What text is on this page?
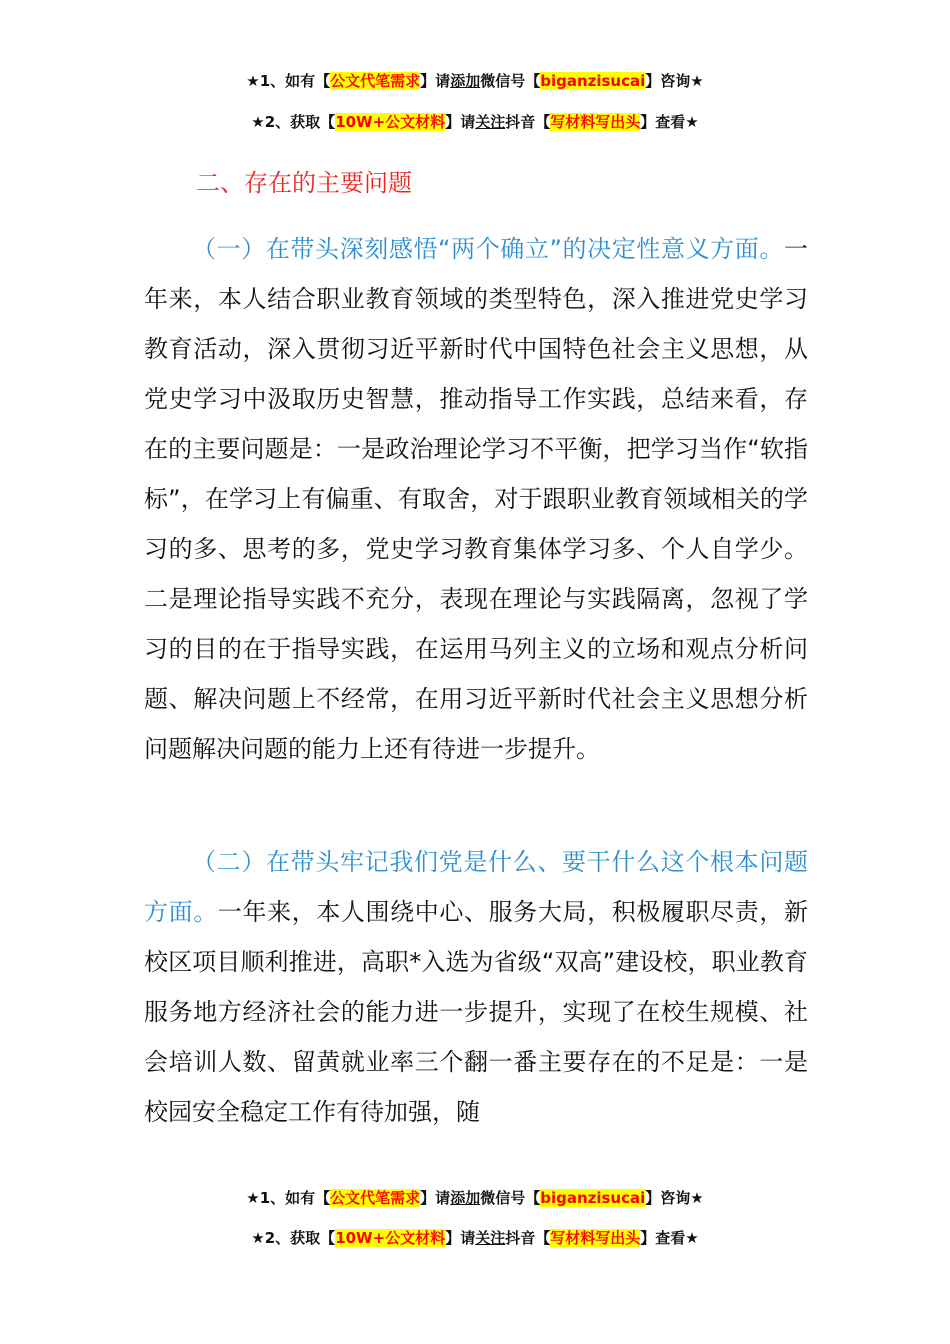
★1、如有【公文代笔需求】请添加微信号【biganzisucai】咨询★
★2、获取【10W+公文材料】请关注抖音【写材料写出头】查看★
二、存在的主要问题

（一）在带头深刻感悟“两个确立”的决定性意义方面。一年来，本人结合职业教育领域的类型特色，深入推进党史学习教育活动，深入贯彻习近平新时代中国特色社会主义思想，从党史学习中汲取历史智慧，推动指导工作实践，总结来看，存在的主要问题是：一是政治理论学习不平衡，把学习当作“软指标”，在学习上有偏重、有取舍，对于跟职业教育领域相关的学习的多、思考的多，党史学习教育集体学习多、个人自学少。二是理论指导实践不充分，表现在理论与实践隔离，忽视了学习的目的在于指导实践，在运用马列主义的立场和观点分析问题、解决问题上不经常，在用习近平新时代社会主义思想分析问题解决问题的能力上还有待进一步提升。

（二）在带头牢记我们党是什么、要干什么这个根本问题方面。一年来，本人围绕中心、服务大局，积极履职尽责，新校区项目顺利推进，高职*入选为省级“双高”建设校，职业教育服务地方经济社会的能力进一步提升，实现了在校生规模、社会培训人数、留黄就业率三个翻一番主要存在的不足是：一是校园安全稳定工作有待加强，随

★1、如有【公文代笔需求】请添加微信号【biganzisucai】咨询★
★2、获取【10W+公文材料】请关注抖音【写材料写出头】查看★
